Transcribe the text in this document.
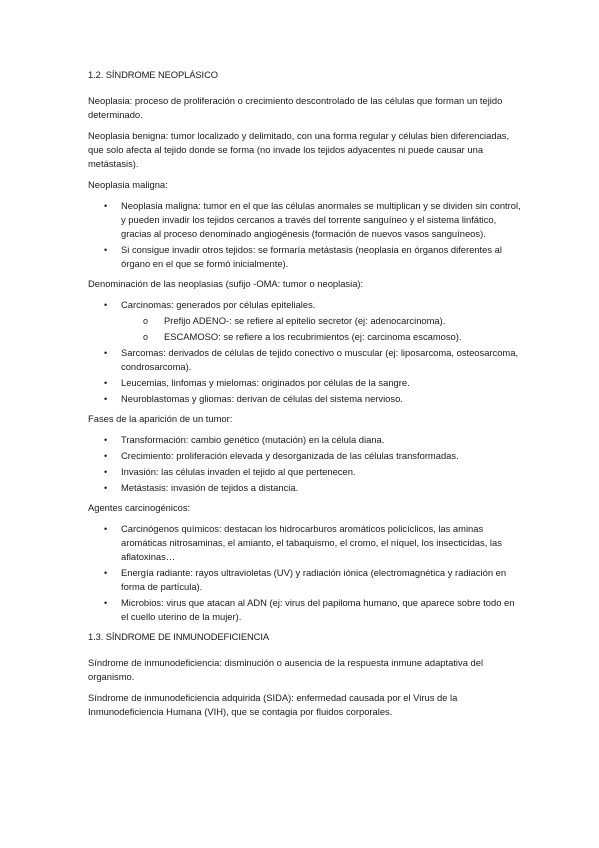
1.2. SÍNDROME NEOPLÁSICO

Neoplasia: proceso de proliferación o crecimiento descontrolado de las células que forman un tejido determinado.

Neoplasia benigna: tumor localizado y delimitado, con una forma regular y células bien diferenciadas, que solo afecta al tejido donde se forma (no invade los tejidos adyacentes ni puede causar una metástasis).

Neoplasia maligna:

• Neoplasia maligna: tumor en el que las células anormales se multiplican y se dividen sin control, y pueden invadir los tejidos cercanos a través del torrente sanguíneo y el sistema linfático, gracias al proceso denominado angiogénesis (formación de nuevos vasos sanguíneos).
• Si consigue invadir otros tejidos: se formaría metástasis (neoplasia en órganos diferentes al órgano en el que se formó inicialmente).

Denominación de las neoplasias (sufijo -OMA: tumor o neoplasia):

• Carcinomas: generados por células epiteliales.
o Prefijo ADENO-: se refiere al epitelio secretor (ej: adenocarcinoma).
o ESCAMOSO: se refiere a los recubrimientos (ej: carcinoma escamoso).
• Sarcomas: derivados de células de tejido conectivo o muscular (ej: liposarcoma, osteosarcoma, condrosarcoma).
• Leucemias, linfomas y mielomas: originados por células de la sangre.
• Neuroblastomas y gliomas: derivan de células del sistema nervioso.

Fases de la aparición de un tumor:

• Transformación: cambio genético (mutación) en la célula diana.
• Crecimiento: proliferación elevada y desorganizada de las células transformadas.
• Invasión: las células invaden el tejido al que pertenecen.
• Metástasis: invasión de tejidos a distancia.

Agentes carcinogénicos:

• Carcinógenos químicos: destacan los hidrocarburos aromáticos policíclicos, las aminas aromáticas nitrosaminas, el amianto, el tabaquismo, el cromo, el níquel, los insecticidas, las aflatoxinas…
• Energía radiante: rayos ultravioletas (UV) y radiación iónica (electromagnética y radiación en forma de partícula).
• Microbios: virus que atacan al ADN (ej: virus del papiloma humano, que aparece sobre todo en el cuello uterino de la mujer).
1.3. SÍNDROME DE INMUNODEFICIENCIA

Síndrome de inmunodeficiencia: disminución o ausencia de la respuesta inmune adaptativa del organismo.

Síndrome de inmunodeficiencia adquirida (SIDA): enfermedad causada por el Virus de la Inmunodeficiencia Humana (VIH), que se contagia por fluidos corporales.
